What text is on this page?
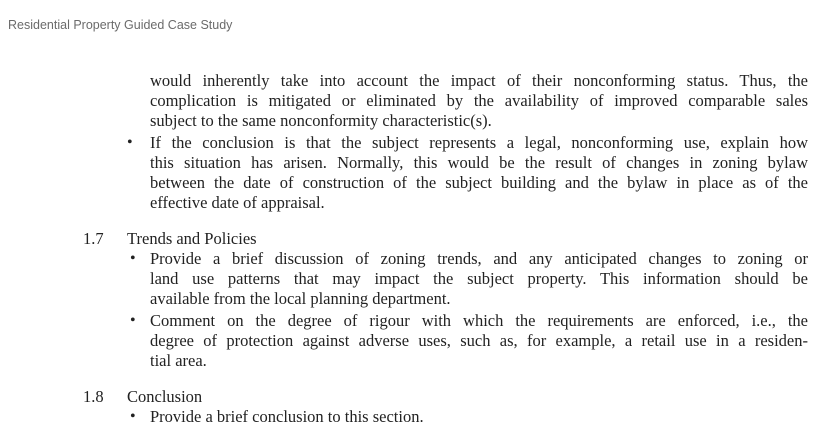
Residential Property Guided Case Study
would inherently take into account the impact of their nonconforming status. Thus, the
complication is mitigated or eliminated by the availability of improved comparable sales
subject to the same nonconformity characteristic(s).
• If the conclusion is that the subject represents a legal, nonconforming use, explain how
this situation has arisen. Normally, this would be the result of changes in zoning bylaw
between the date of construction of the subject building and the bylaw in place as of the
effective date of appraisal.
1.7 Trends and Policies
• Provide a brief discussion of zoning trends, and any anticipated changes to zoning or
land use patterns that may impact the subject property. This information should be
available from the local planning department.
• Comment on the degree of rigour with which the requirements are enforced, i.e., the
degree of protection against adverse uses, such as, for example, a retail use in a residen-
tial area.
1.8 Conclusion
• Provide a brief conclusion to this section.
